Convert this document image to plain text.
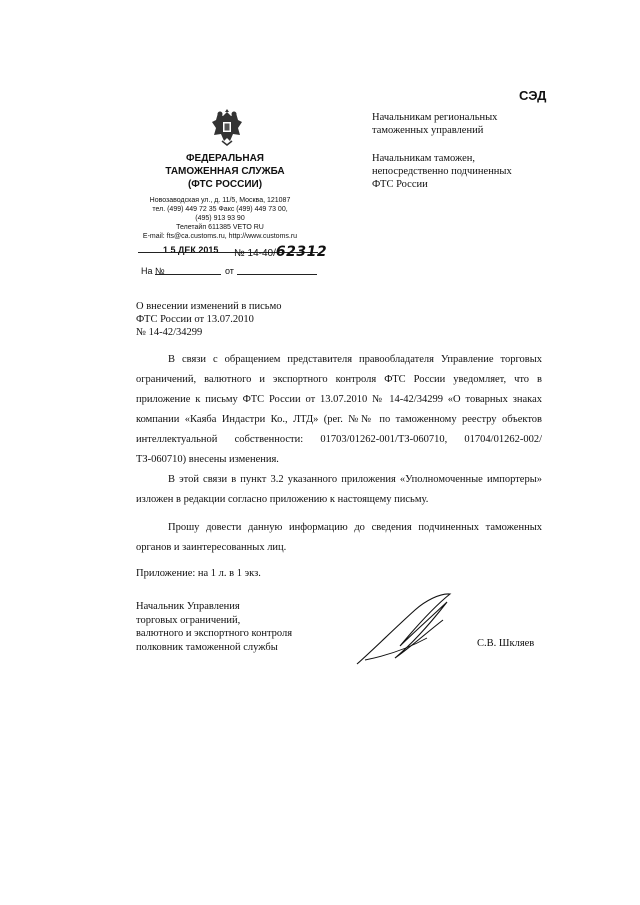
СЭД
Начальникам региональных
таможенных управлений
Начальникам таможен,
непосредственно подчиненных
ФТС России
ФЕДЕРАЛЬНАЯ
ТАМОЖЕННАЯ СЛУЖБА
(ФТС РОССИИ)
Новозаводская ул., д. 11/5, Москва, 121087
тел. (499) 449 72 35 Факс (499) 449 73 00,
(495) 913 93 90
Телетайп 611385 VETO RU
E-mail: fts@ca.customs.ru, http://www.customs.ru
1 5 ДЕК 2015 № 14-40/62312
На №	от
О внесении изменений в письмо
ФТС России от 13.07.2010
№ 14-42/34299

В связи с обращением представителя правообладателя Управление торговых ограничений, валютного и экспортного контроля ФТС России уведомляет, что в приложение к письму ФТС России от 13.07.2010 № 14-42/34299 «О товарных знаках компании «Каяба Индастри Ко., ЛТД» (рег. №№ по таможенному реестру объектов интеллектуальной собственности: 01703/01262-001/ТЗ-060710, 01704/01262-002/ТЗ-060710) внесены изменения.

В этой связи в пункт 3.2 указанного приложения «Уполномоченные импортеры» изложен в редакции согласно приложению к настоящему письму.

Прошу довести данную информацию до сведения подчиненных таможенных органов и заинтересованных лиц.

Приложение: на 1 л. в 1 экз.
Начальник Управления
торговых ограничений,
валютного и экспортного контроля
полковник таможенной службы	С.В. Шкляев
